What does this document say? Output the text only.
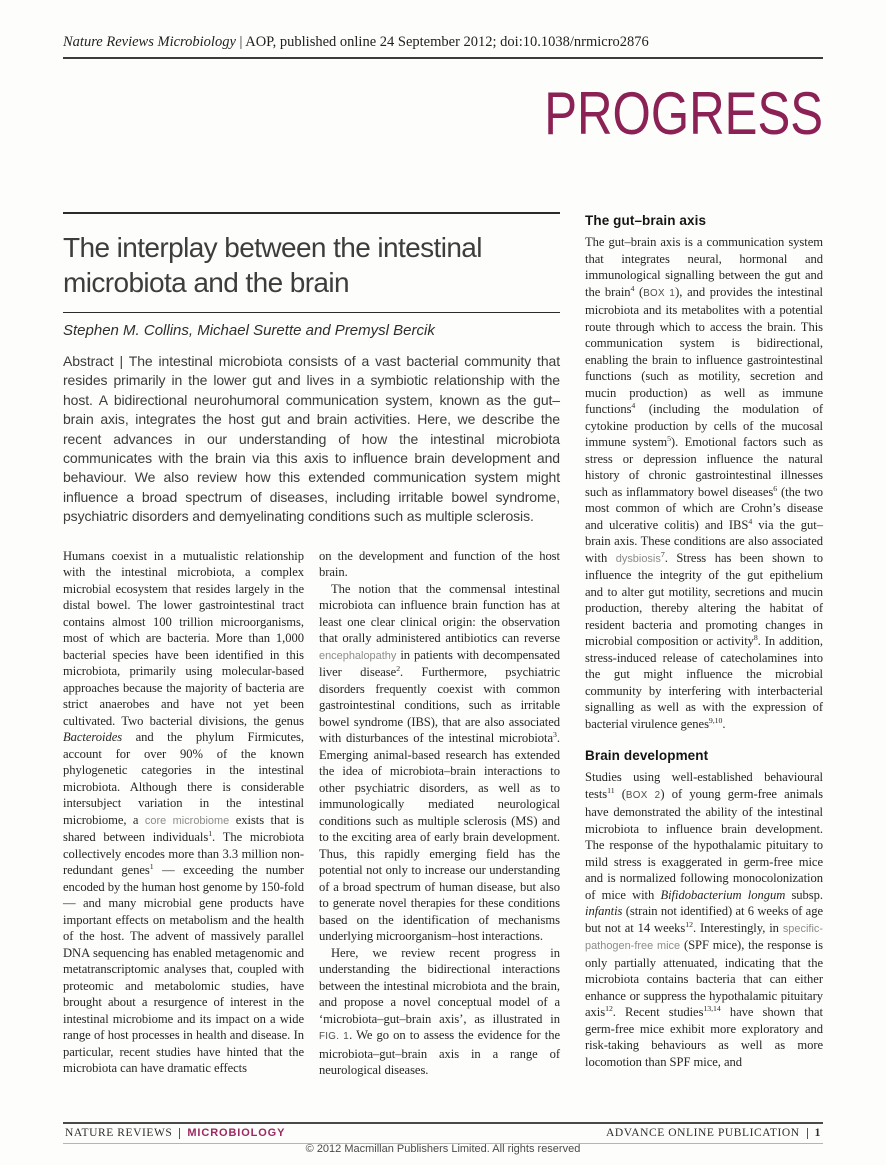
Nature Reviews Microbiology | AOP, published online 24 September 2012; doi:10.1038/nrmicro2876
PROGRESS
The interplay between the intestinal microbiota and the brain
Stephen M. Collins, Michael Surette and Premysl Bercik
Abstract | The intestinal microbiota consists of a vast bacterial community that resides primarily in the lower gut and lives in a symbiotic relationship with the host. A bidirectional neurohumoral communication system, known as the gut–brain axis, integrates the host gut and brain activities. Here, we describe the recent advances in our understanding of how the intestinal microbiota communicates with the brain via this axis to influence brain development and behaviour. We also review how this extended communication system might influence a broad spectrum of diseases, including irritable bowel syndrome, psychiatric disorders and demyelinating conditions such as multiple sclerosis.

Humans coexist in a mutualistic relationship with the intestinal microbiota, a complex microbial ecosystem that resides largely in the distal bowel. The lower gastrointestinal tract contains almost 100 trillion microorganisms, most of which are bacteria. More than 1,000 bacterial species have been identified in this microbiota, primarily using molecular-based approaches because the majority of bacteria are strict anaerobes and have not yet been cultivated. Two bacterial divisions, the genus Bacteroides and the phylum Firmicutes, account for over 90% of the known phylogenetic categories in the intestinal microbiota. Although there is considerable intersubject variation in the intestinal microbiome, a core microbiome exists that is shared between individuals$^1$. The microbiota collectively encodes more than 3.3 million non-redundant genes$^1$ — exceeding the number encoded by the human host genome by 150-fold — and many microbial gene products have important effects on metabolism and the health of the host. The advent of massively parallel DNA sequencing has enabled metagenomic and metatranscriptomic analyses that, coupled with proteomic and metabolomic studies, have brought about a resurgence of interest in the intestinal microbiome and its impact on a wide range of host processes in health and disease. In particular, recent studies have hinted that the microbiota can have dramatic effects

on the development and function of the host brain.

The notion that the commensal intestinal microbiota can influence brain function has at least one clear clinical origin: the observation that orally administered antibiotics can reverse encephalopathy in patients with decompensated liver disease$^2$. Furthermore, psychiatric disorders frequently coexist with common gastrointestinal conditions, such as irritable bowel syndrome (IBS), that are also associated with disturbances of the intestinal microbiota$^3$. Emerging animal-based research has extended the idea of microbiota–brain interactions to other psychiatric disorders, as well as to immunologically mediated neurological conditions such as multiple sclerosis (MS) and to the exciting area of early brain development. Thus, this rapidly emerging field has the potential not only to increase our understanding of a broad spectrum of human disease, but also to generate novel therapies for these conditions based on the identification of mechanisms underlying microorganism–host interactions.

Here, we review recent progress in understanding the bidirectional interactions between the intestinal microbiota and the brain, and propose a novel conceptual model of a ‘microbiota–gut–brain axis’, as illustrated in FIG. 1. We go on to assess the evidence for the microbiota–gut–brain axis in a range of neurological diseases.

The gut–brain axis

The gut–brain axis is a communication system that integrates neural, hormonal and immunological signalling between the gut and the brain$^4$ (BOX 1), and provides the intestinal microbiota and its metabolites with a potential route through which to access the brain. This communication system is bidirectional, enabling the brain to influence gastrointestinal functions (such as motility, secretion and mucin production) as well as immune functions$^4$ (including the modulation of cytokine production by cells of the mucosal immune system$^5$). Emotional factors such as stress or depression influence the natural history of chronic gastrointestinal illnesses such as inflammatory bowel diseases$^6$ (the two most common of which are Crohn’s disease and ulcerative colitis) and IBS$^4$ via the gut–brain axis. These conditions are also associated with dysbiosis$^7$. Stress has been shown to influence the integrity of the gut epithelium and to alter gut motility, secretions and mucin production, thereby altering the habitat of resident bacteria and promoting changes in microbial composition or activity$^8$. In addition, stress-induced release of catecholamines into the gut might influence the microbial community by interfering with interbacterial signalling as well as with the expression of bacterial virulence genes$^{9,10}$.

Brain development

Studies using well-established behavioural tests$^{11}$ (BOX 2) of young germ-free animals have demonstrated the ability of the intestinal microbiota to influence brain development. The response of the hypothalamic pituitary to mild stress is exaggerated in germ-free mice and is normalized following monocolonization of mice with Bifidobacterium longum subsp. infantis (strain not identified) at 6 weeks of age but not at 14 weeks$^{12}$. Interestingly, in specific-pathogen-free mice (SPF mice), the response is only partially attenuated, indicating that the microbiota contains bacteria that can either enhance or suppress the hypothalamic pituitary axis$^{12}$. Recent studies$^{13,14}$ have shown that germ-free mice exhibit more exploratory and risk-taking behaviours as well as more locomotion than SPF mice, and

NATURE REVIEWS MICROBIOLOGY	ADVANCE ONLINE PUBLICATION 1
© 2012 Macmillan Publishers Limited. All rights reserved
